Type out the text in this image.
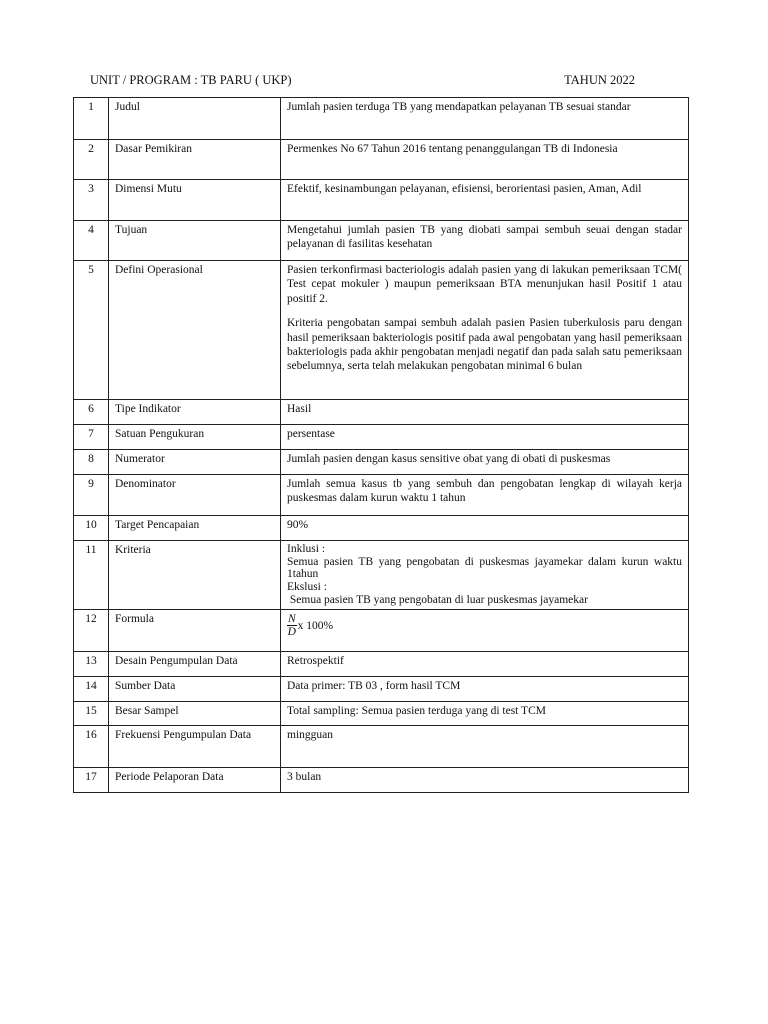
UNIT / PROGRAM : TB PARU ( UKP)	TAHUN 2022
1	Judul	Jumlah pasien terduga TB yang mendapatkan pelayanan TB sesuai standar
2	Dasar Pemikiran	Permenkes No 67 Tahun 2016 tentang penanggulangan TB di Indonesia
3	Dimensi Mutu	Efektif, kesinambungan pelayanan, efisiensi, berorientasi pasien, Aman, Adil
4	Tujuan	Mengetahui jumlah pasien TB yang diobati sampai sembuh seuai dengan stadar pelayanan di fasilitas kesehatan
5	Defini Operasional	Pasien terkonfirmasi bacteriologis adalah pasien yang di lakukan pemeriksaan TCM( Test cepat mokuler ) maupun pemeriksaan BTA menunjukan hasil Positif 1 atau positif 2.

Kriteria pengobatan sampai sembuh adalah pasien Pasien tuberkulosis paru dengan hasil pemeriksaan bakteriologis positif pada awal pengobatan yang hasil pemeriksaan bakteriologis pada akhir pengobatan menjadi negatif dan pada salah satu pemeriksaan sebelumnya, serta telah melakukan pengobatan minimal 6 bulan

6	Tipe Indikator	Hasil
7	Satuan Pengukuran	persentase
8	Numerator	Jumlah pasien dengan kasus sensitive obat yang di obati di puskesmas
9	Denominator	Jumlah semua kasus tb yang sembuh dan pengobatan lengkap di wilayah kerja puskesmas dalam kurun waktu 1 tahun
10	Target Pencapaian	90%
11	Kriteria	Inklusi :
Semua pasien TB yang pengobatan di puskesmas jayamekar dalam kurun waktu 1tahun
Ekslusi :
Semua pasien TB yang pengobatan di luar puskesmas jayamekar

12	Formula	$\frac{N}{D}$ x 100%

13	Desain Pengumpulan Data	Retrospektif
14	Sumber Data	Data primer: TB 03 , form hasil TCM
15	Besar Sampel	Total sampling: Semua pasien terduga yang di test TCM
16	Frekuensi Pengumpulan Data	mingguan
17	Periode Pelaporan Data	3 bulan
